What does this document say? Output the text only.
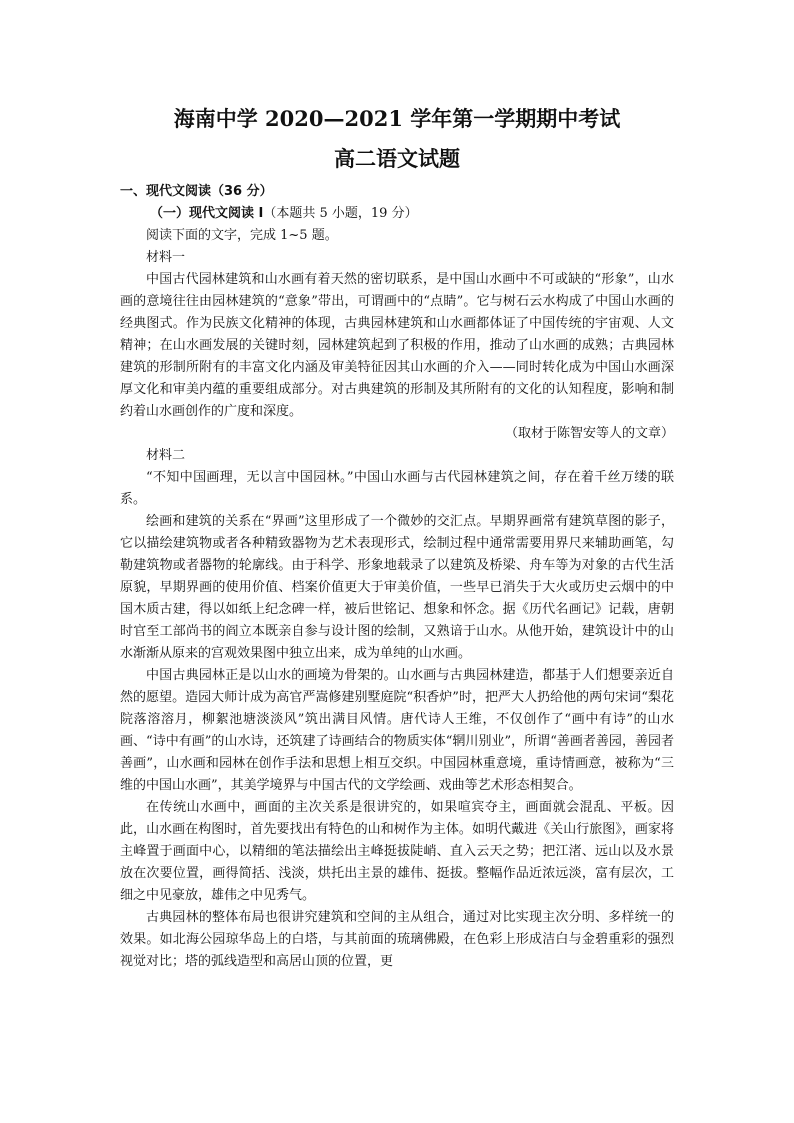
海南中学 2020—2021 学年第一学期期中考试
高二语文试题

一、现代文阅读（36 分）

（一）现代文阅读 I（本题共 5 小题，19 分）

阅读下面的文字，完成 1~5 题。

材料一

中国古代园林建筑和山水画有着天然的密切联系，是中国山水画中不可或缺的“形象”，山水画的意境往往由园林建筑的“意象”带出，可谓画中的“点睛”。它与树石云水构成了中国山水画的经典图式。作为民族文化精神的体现，古典园林建筑和山水画都体证了中国传统的宇宙观、人文精神；在山水画发展的关键时刻，园林建筑起到了积极的作用，推动了山水画的成熟；古典园林建筑的形制所附有的丰富文化内涵及审美特征因其山水画的介入——同时转化成为中国山水画深厚文化和审美内蕴的重要组成部分。对古典建筑的形制及其所附有的文化的认知程度，影响和制约着山水画创作的广度和深度。

（取材于陈智安等人的文章）

材料二

“不知中国画理，无以言中国园林。”中国山水画与古代园林建筑之间，存在着千丝万缕的联系。

绘画和建筑的关系在“界画”这里形成了一个微妙的交汇点。早期界画常有建筑草图的影子，它以描绘建筑物或者各种精致器物为艺术表现形式，绘制过程中通常需要用界尺来辅助画笔，勾勒建筑物或者器物的轮廓线。由于科学、形象地载录了以建筑及桥梁、舟车等为对象的古代生活原貌，早期界画的使用价值、档案价值更大于审美价值，一些早已消失于大火或历史云烟中的中国木质古建，得以如纸上纪念碑一样，被后世铭记、想象和怀念。据《历代名画记》记载，唐朝时官至工部尚书的阎立本既亲自参与设计图的绘制，又熟谙于山水。从他开始，建筑设计中的山水渐渐从原来的宫观效果图中独立出来，成为单纯的山水画。

中国古典园林正是以山水的画境为骨架的。山水画与古典园林建造，都基于人们想要亲近自然的愿望。造园大师计成为高官严嵩修建别墅庭院“积香炉”时，把严大人扔给他的两句宋词“梨花院落溶溶月，柳絮池塘淡淡风”筑出满目风情。唐代诗人王维，不仅创作了“画中有诗”的山水画、“诗中有画”的山水诗，还筑建了诗画结合的物质实体“辋川别业”，所谓“善画者善园，善园者善画”，山水画和园林在创作手法和思想上相互交织。中国园林重意境，重诗情画意，被称为“三维的中国山水画”，其美学境界与中国古代的文学绘画、戏曲等艺术形态相契合。

在传统山水画中，画面的主次关系是很讲究的，如果喧宾夺主，画面就会混乱、平板。因此，山水画在构图时，首先要找出有特色的山和树作为主体。如明代戴进《关山行旅图》，画家将主峰置于画面中心，以精细的笔法描绘出主峰挺拔陡峭、直入云天之势；把江渚、远山以及水景放在次要位置，画得简括、浅淡，烘托出主景的雄伟、挺拔。整幅作品近浓远淡，富有层次，工细之中见豪放，雄伟之中见秀气。

古典园林的整体布局也很讲究建筑和空间的主从组合，通过对比实现主次分明、多样统一的效果。如北海公园琼华岛上的白塔，与其前面的琉璃佛殿，在色彩上形成洁白与金碧重彩的强烈视觉对比；塔的弧线造型和高居山顶的位置，更
